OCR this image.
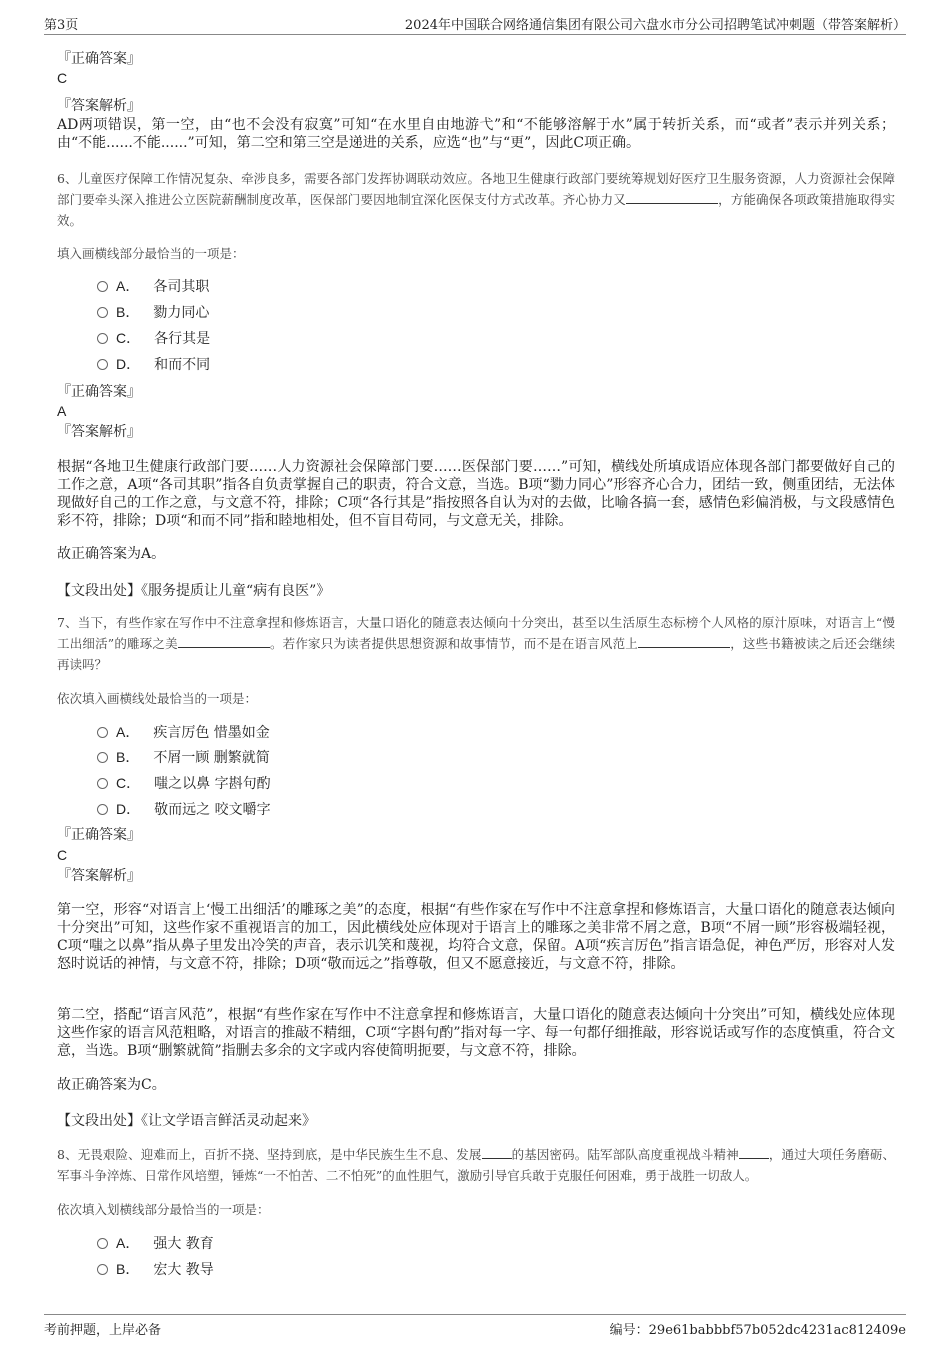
第3页	2024年中国联合网络通信集团有限公司六盘水市分公司招聘笔试冲刺题（带答案解析）
『正确答案』
C
『答案解析』
AD两项错误，第一空，由“也不会没有寂寞”可知“在水里自由地游弋”和“不能够溶解于水”属于转折关系，而“或者”表示并列关系；由“不能......不能......”可知，第二空和第三空是递进的关系，应选“也”与“更”，因此C项正确。
6、儿童医疗保障工作情况复杂、牵涉良多，需要各部门发挥协调联动效应。各地卫生健康行政部门要统筹规划好医疗卫生服务资源，人力资源社会保障部门要牵头深入推进公立医院薪酬制度改革，医保部门要因地制宜深化医保支付方式改革。齐心协力又	，方能确保各项政策措施取得实效。
填入画横线部分最恰当的一项是：
A． 各司其职
B． 勠力同心
C． 各行其是
D． 和而不同
『正确答案』
A
『答案解析』
根据“各地卫生健康行政部门要……人力资源社会保障部门要……医保部门要……”可知，横线处所填成语应体现各部门都要做好自己的工作之意，A项“各司其职”指各自负责掌握自己的职责，符合文意，当选。B项“勠力同心”形容齐心合力，团结一致，侧重团结，无法体现做好自己的工作之意，与文意不符，排除；C项“各行其是”指按照各自认为对的去做，比喻各搞一套，感情色彩偏消极，与文段感情色彩不符，排除；D项“和而不同”指和睦地相处，但不盲目苟同，与文意无关，排除。
故正确答案为A。
【文段出处】《服务提质让儿童“病有良医”》
7、当下，有些作家在写作中不注意拿捏和修炼语言，大量口语化的随意表达倾向十分突出，甚至以生活原生态标榜个人风格的原汁原味，对语言上“慢工出细活”的雕琢之美	。若作家只为读者提供思想资源和故事情节，而不是在语言风范上	，这些书籍被读之后还会继续再读吗？
依次填入画横线处最恰当的一项是：
A． 疾言厉色 惜墨如金
B． 不屑一顾 删繁就简
C． 嗤之以鼻 字斟句酌
D． 敬而远之 咬文嚼字
『正确答案』
C
『答案解析』
第一空，形容“对语言上‘慢工出细活’的雕琢之美”的态度，根据“有些作家在写作中不注意拿捏和修炼语言，大量口语化的随意表达倾向十分突出”可知，这些作家不重视语言的加工，因此横线处应体现对于语言上的雕琢之美非常不屑之意，B项“不屑一顾”形容极端轻视，C项“嗤之以鼻”指从鼻子里发出冷笑的声音，表示讥笑和蔑视，均符合文意，保留。A项“疾言厉色”指言语急促，神色严厉，形容对人发怒时说话的神情，与文意不符，排除；D项“敬而远之”指尊敬，但又不愿意接近，与文意不符，排除。
第二空，搭配“语言风范”，根据“有些作家在写作中不注意拿捏和修炼语言，大量口语化的随意表达倾向十分突出”可知，横线处应体现这些作家的语言风范粗略，对语言的推敲不精细，C项“字斟句酌”指对每一字、每一句都仔细推敲，形容说话或写作的态度慎重，符合文意，当选。B项“删繁就简”指删去多余的文字或内容使简明扼要，与文意不符，排除。
故正确答案为C。
【文段出处】《让文学语言鲜活灵动起来》
8、无畏艰险、迎难而上，百折不挠、坚持到底，是中华民族生生不息、发展 的基因密码。陆军部队高度重视战斗精神 ，通过大项任务磨砺、军事斗争淬炼、日常作风培塑，锤炼“一不怕苦、二不怕死”的血性胆气，激励引导官兵敢于克服任何困难，勇于战胜一切敌人。
依次填入划横线部分最恰当的一项是：
A． 强大 教育
B． 宏大 教导
考前押题，上岸必备	编号：29e61babbbf57b052dc4231ac812409e
